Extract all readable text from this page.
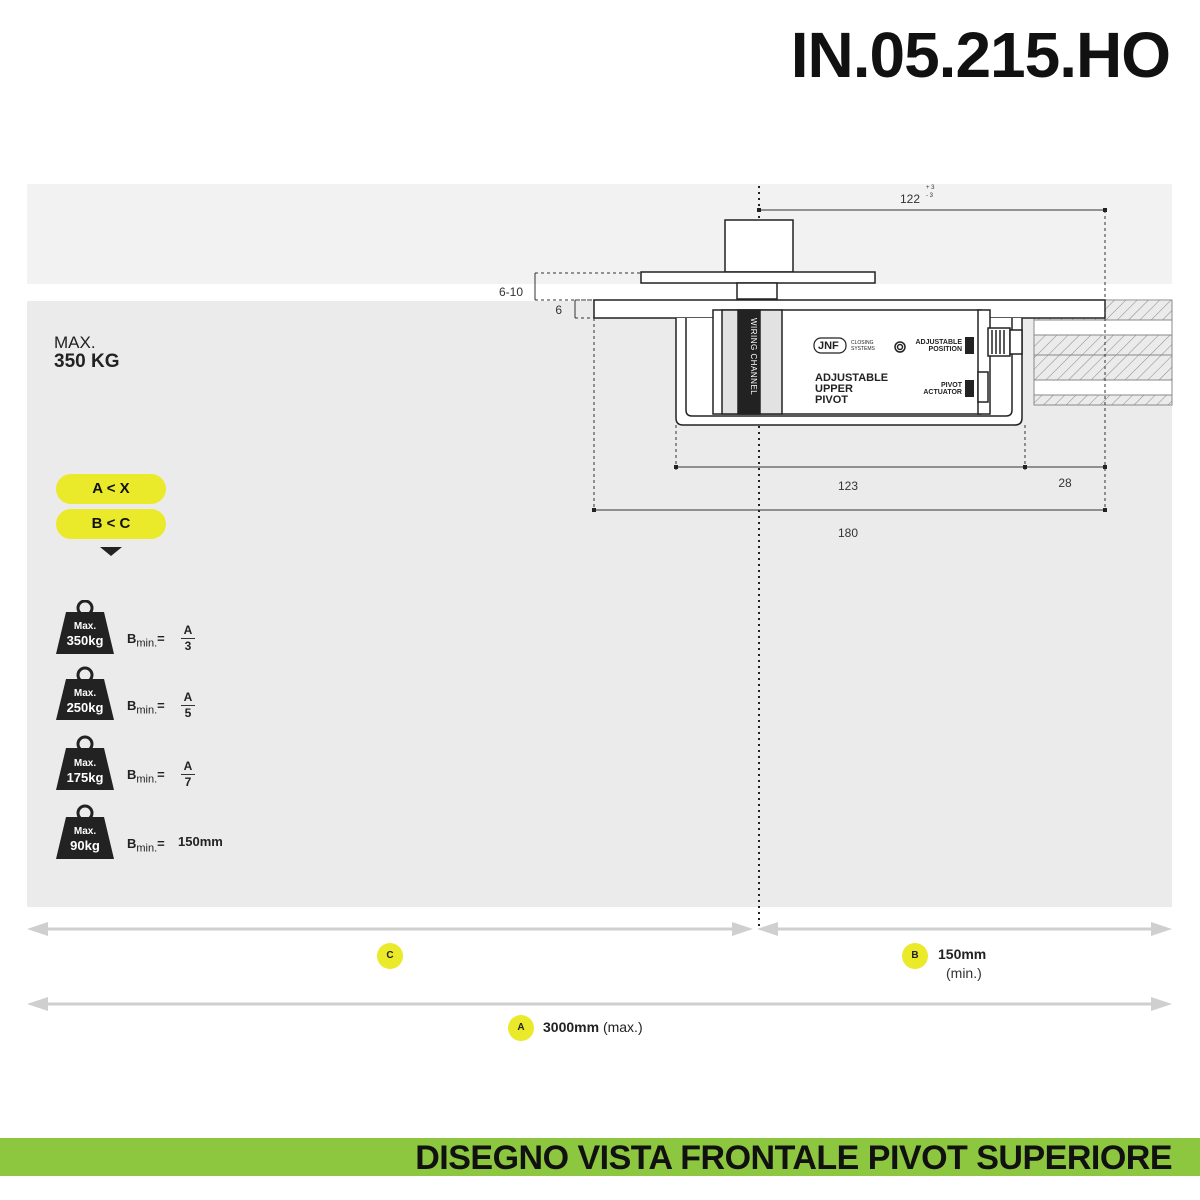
IN.05.215.HO
WIRING CHANNEL	JNF CLOSING
SYSTEMS
ADJUSTABLE
POSITION
ADJUSTABLE
UPPER
PIVOT
PIVOT
ACTUATOR
122
+ 3
- 3
6-10
6
123	28
180
MAX.
350 KG
A < X
B < C
Max.
350kg	$B_{min.}= \frac{A}{3}$
Max.
250kg	$B_{min.}= \frac{A}{5}$
Max.
175kg	$B_{min.}= \frac{A}{7}$
Max.
90kg	$B_{min.}= 150mm$
C	B	150mm
(min.)
A	3000mm (max.)
DISEGNO VISTA FRONTALE PIVOT SUPERIORE
